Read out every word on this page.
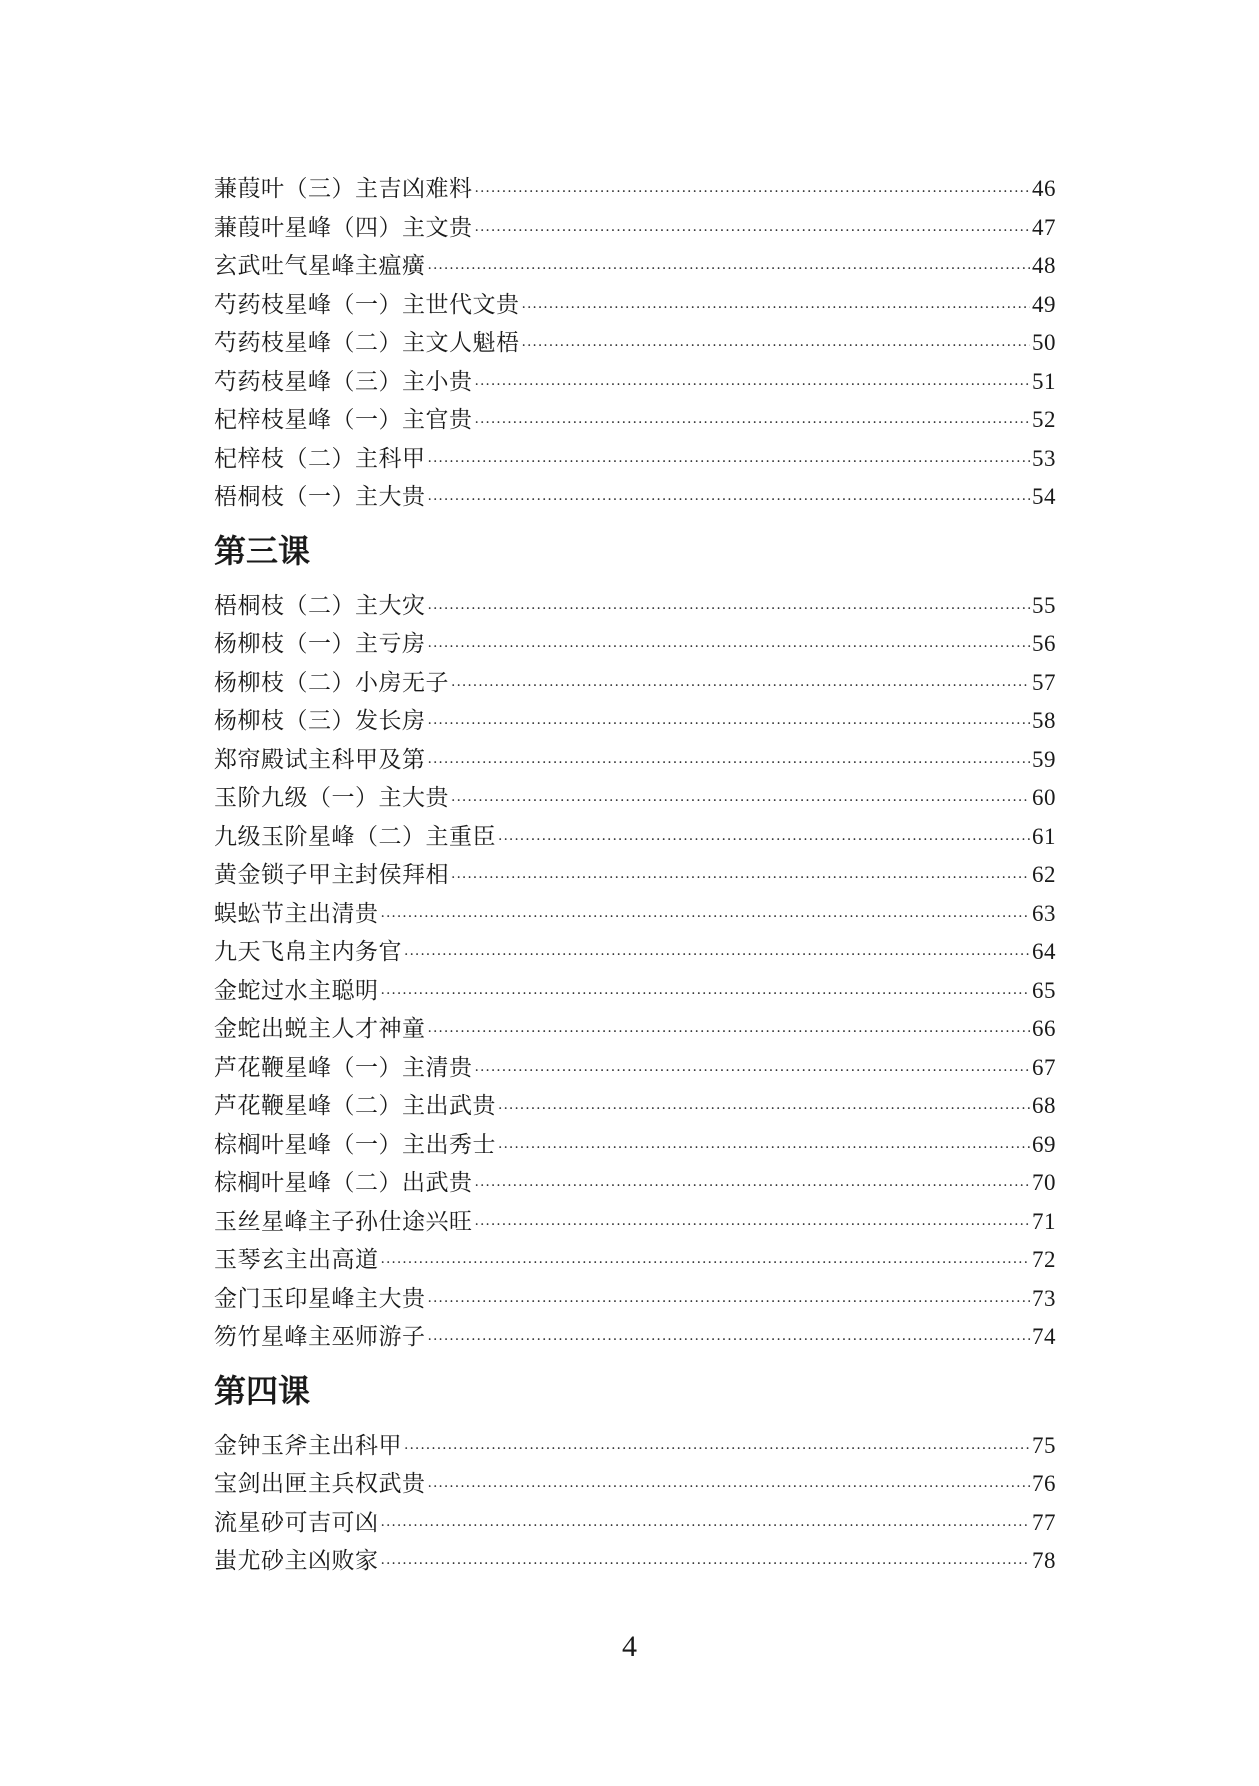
蒹葭叶（三）主吉凶难料 ·····	46
蒹葭叶星峰（四）主文贵 ·····	47
玄武吐气星峰主瘟癀 ·····	48
芍药枝星峰（一）主世代文贵 ·····	49
芍药枝星峰（二）主文人魁梧 ·····	50
芍药枝星峰（三）主小贵 ·····	51
杞梓枝星峰（一）主官贵 ·····	52
杞梓枝（二）主科甲 ·····	53
梧桐枝（一）主大贵 ·····	54
第三课
梧桐枝（二）主大灾 ·····	55
杨柳枝（一）主亏房 ·····	56
杨柳枝（二）小房无子 ·····	57
杨柳枝（三）发长房 ·····	58
郑帘殿试主科甲及第 ·····	59
玉阶九级（一）主大贵 ·····	60
九级玉阶星峰（二）主重臣 ·····	61
黄金锁子甲主封侯拜相 ·····	62
蜈蚣节主出清贵 ·····	63
九天飞帛主内务官 ·····	64
金蛇过水主聪明 ·····	65
金蛇出蜕主人才神童 ·····	66
芦花鞭星峰（一）主清贵 ·····	67
芦花鞭星峰（二）主出武贵 ·····	68
棕榈叶星峰（一）主出秀士 ·····	69
棕榈叶星峰（二）出武贵 ·····	70
玉丝星峰主子孙仕途兴旺 ·····	71
玉琴玄主出高道 ·····	72
金门玉印星峰主大贵 ·····	73
笏竹星峰主巫师游子 ·····	74
第四课
金钟玉斧主出科甲 ·····	75
宝剑出匣主兵权武贵 ·····	76
流星砂可吉可凶 ·····	77
蚩尤砂主凶败家 ·····	78
4
